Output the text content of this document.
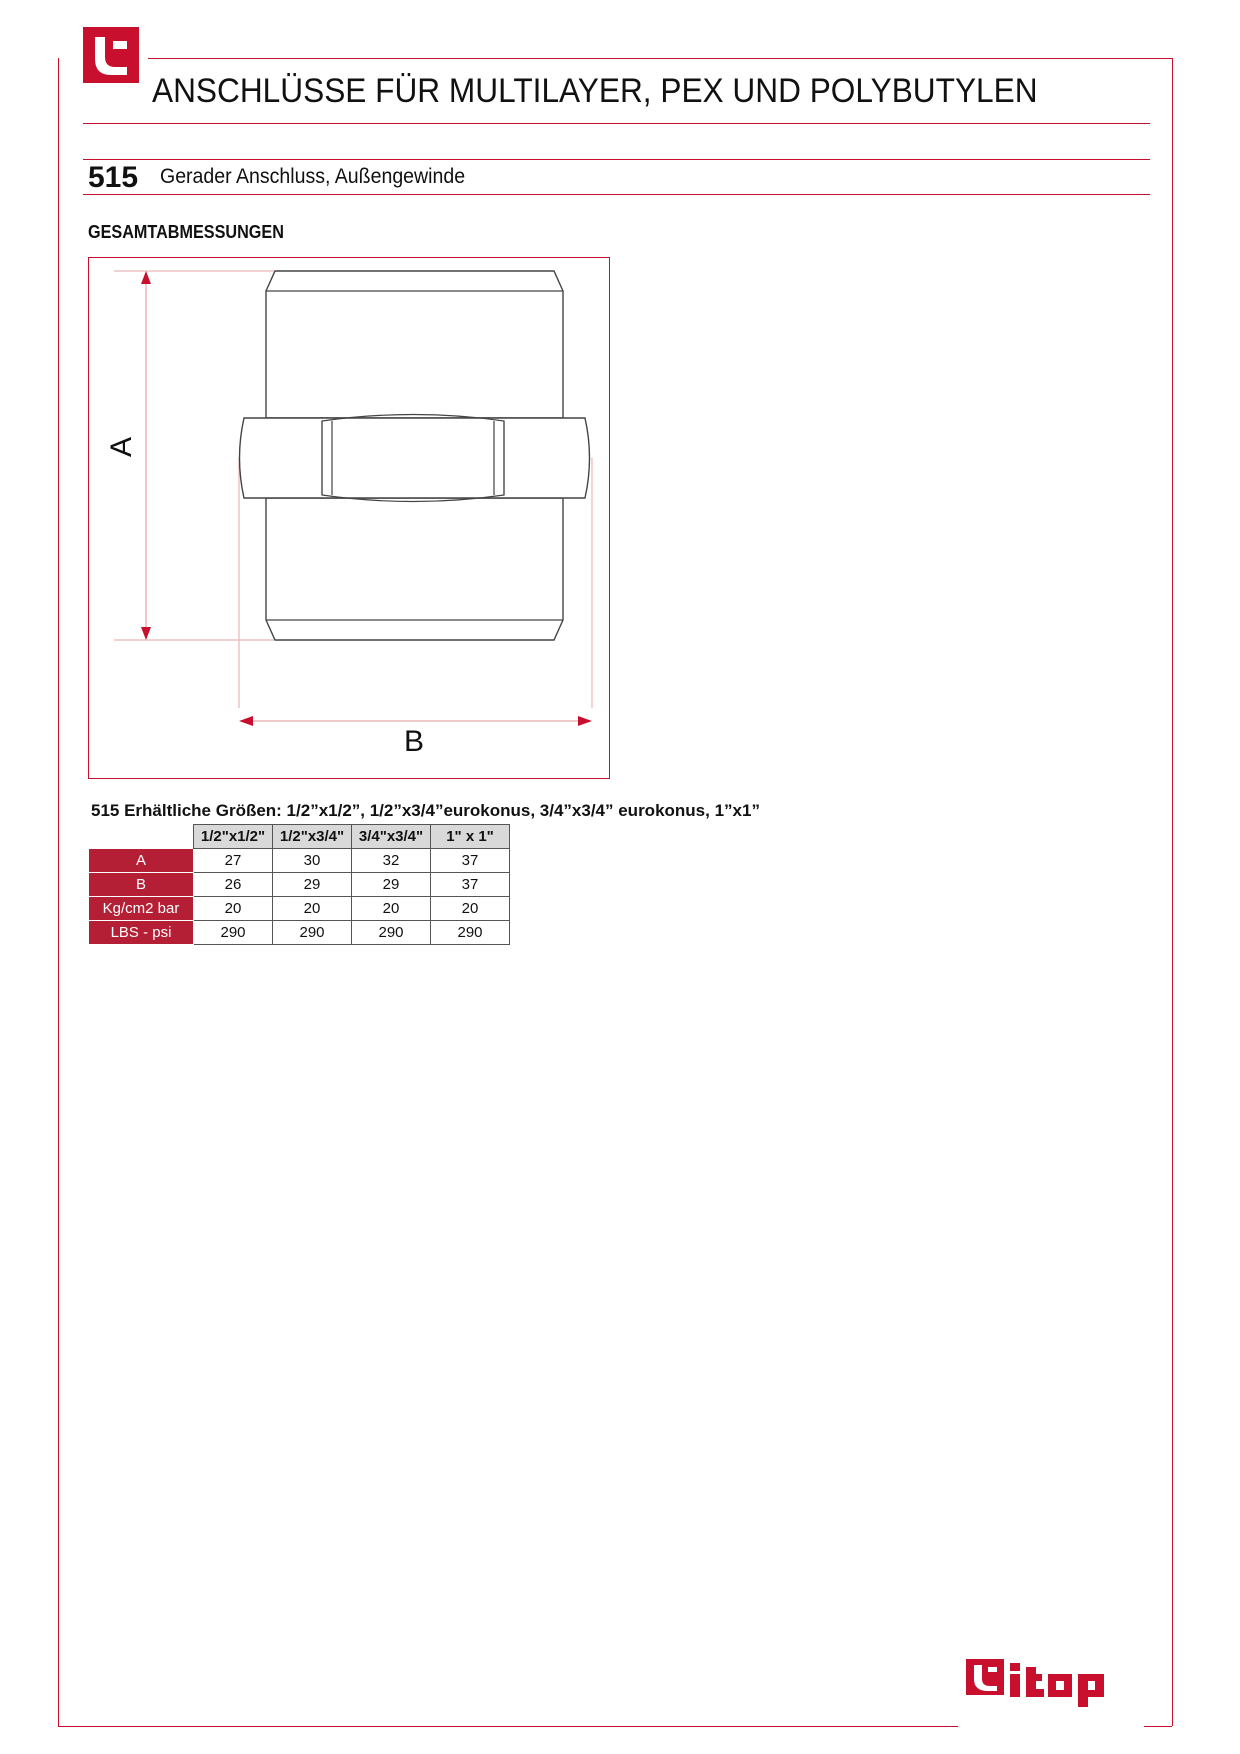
ANSCHLÜSSE FÜR MULTILAYER, PEX UND POLYBUTYLEN
515 Gerader Anschluss, Außengewinde
GESAMTABMESSUNGEN
A
B
515 Erhältliche Größen: 1/2”x1/2”, 1/2”x3/4”eurokonus, 3/4”x3/4” eurokonus, 1”x1”
	1/2"x1/2"	1/2"x3/4"	3/4"x3/4"	1" x 1"
A	27	30	32	37
B	26	29	29	37
Kg/cm2 bar	20	20	20	20
LBS - psi	290	290	290	290
